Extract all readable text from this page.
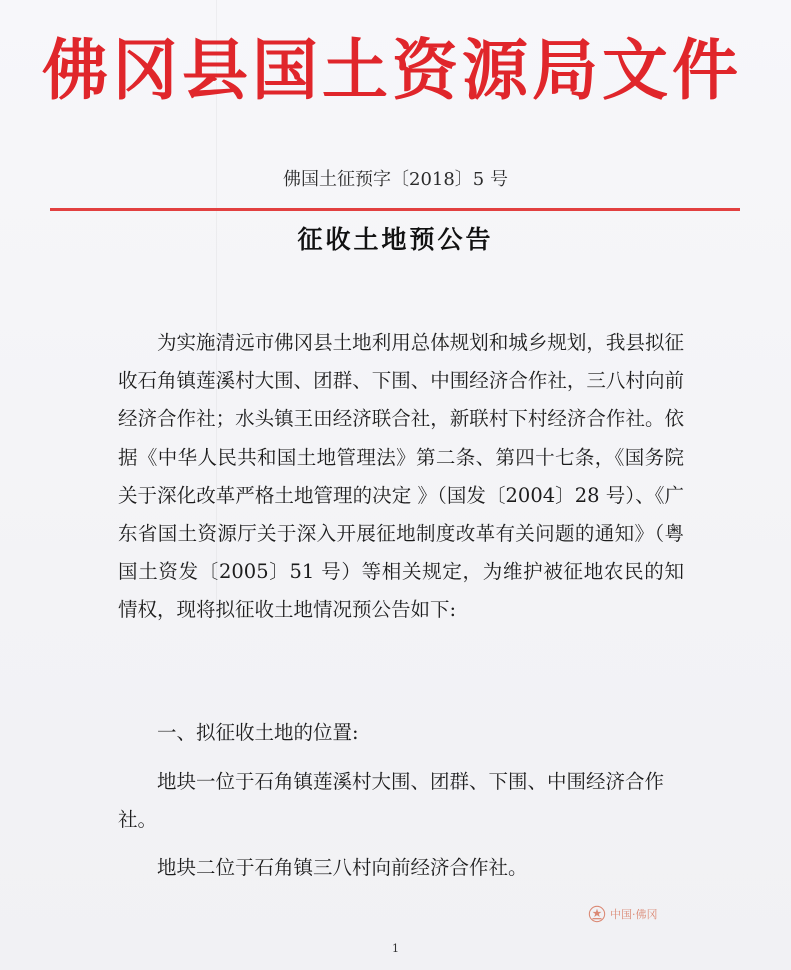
佛冈县国土资源局文件
佛国土征预字〔2018〕5 号
征收土地预公告
为实施清远市佛冈县土地利用总体规划和城乡规划，我县拟征收石角镇莲溪村大围、团群、下围、中围经济合作社，三八村向前经济合作社；水头镇王田经济联合社，新联村下村经济合作社。依据《中华人民共和国土地管理法》第二条、第四十七条，《国务院关于深化改革严格土地管理的决定 》（国发〔2004〕28 号）、《广东省国土资源厅关于深入开展征地制度改革有关问题的通知》（粤国土资发〔2005〕51 号）等相关规定，为维护被征地农民的知情权，现将拟征收土地情况预公告如下:
一、拟征收土地的位置:
地块一位于石角镇莲溪村大围、团群、下围、中围经济合作社。
地块二位于石角镇三八村向前经济合作社。
中国·佛冈
1
